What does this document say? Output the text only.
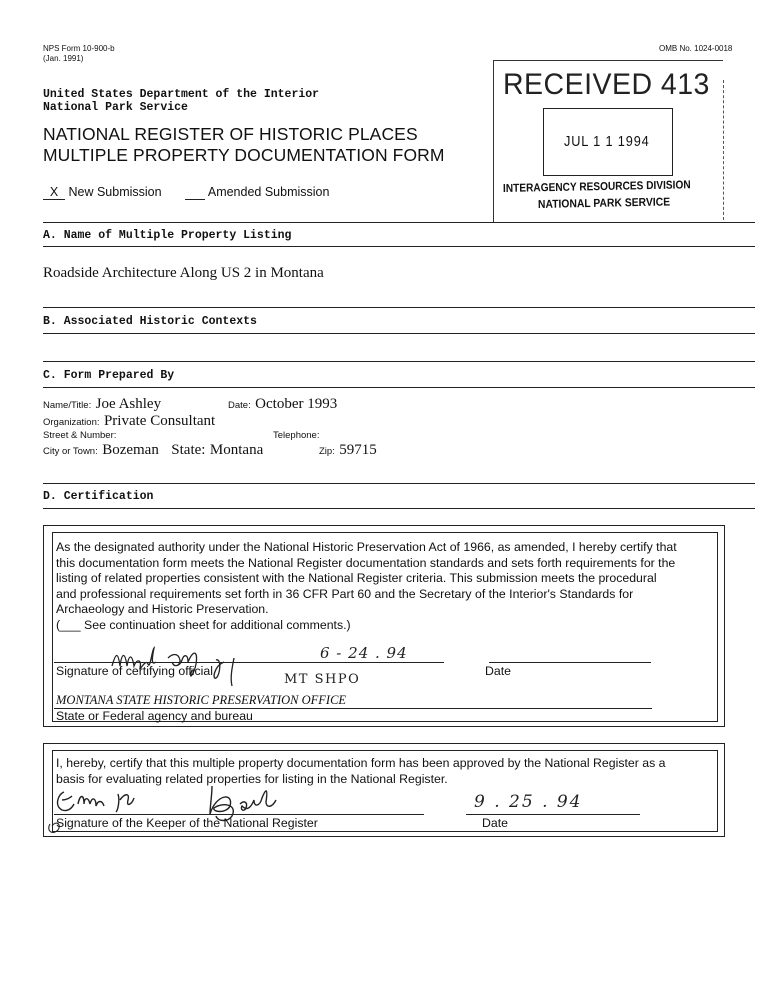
NPS Form 10-900-b
(Jan. 1991)
OMB No. 1024-0018
United States Department of the Interior
National Park Service
NATIONAL REGISTER OF HISTORIC PLACES
MULTIPLE PROPERTY DOCUMENTATION FORM
X New Submission	Amended Submission
RECEIVED 413
JUL 1 1 1994
INTERAGENCY RESOURCES DIVISION
NATIONAL PARK SERVICE
A. Name of Multiple Property Listing
Roadside Architecture Along US 2 in Montana
B. Associated Historic Contexts
C. Form Prepared By
Name/Title: Joe Ashley	Date: October 1993
Organization: Private Consultant
Street & Number:	Telephone:
City or Town: Bozeman State: Montana	Zip: 59715
D. Certification
As the designated authority under the National Historic Preservation Act of 1966, as amended, I hereby certify that
this documentation form meets the National Register documentation standards and sets forth requirements for the
listing of related properties consistent with the National Register criteria. This submission meets the procedural
and professional requirements set forth in 36 CFR Part 60 and the Secretary of the Interior's Standards for
Archaeology and Historic Preservation.
(___ See continuation sheet for additional comments.)
6 - 24 . 94
Signature of certifying official
MT SHPO
Date
MONTANA STATE HISTORIC PRESERVATION OFFICE
State or Federal agency and bureau
I, hereby, certify that this multiple property documentation form has been approved by the National Register as a
basis for evaluating related properties for listing in the National Register.
9 . 25 . 94
Signature of the Keeper of the National Register	Date
